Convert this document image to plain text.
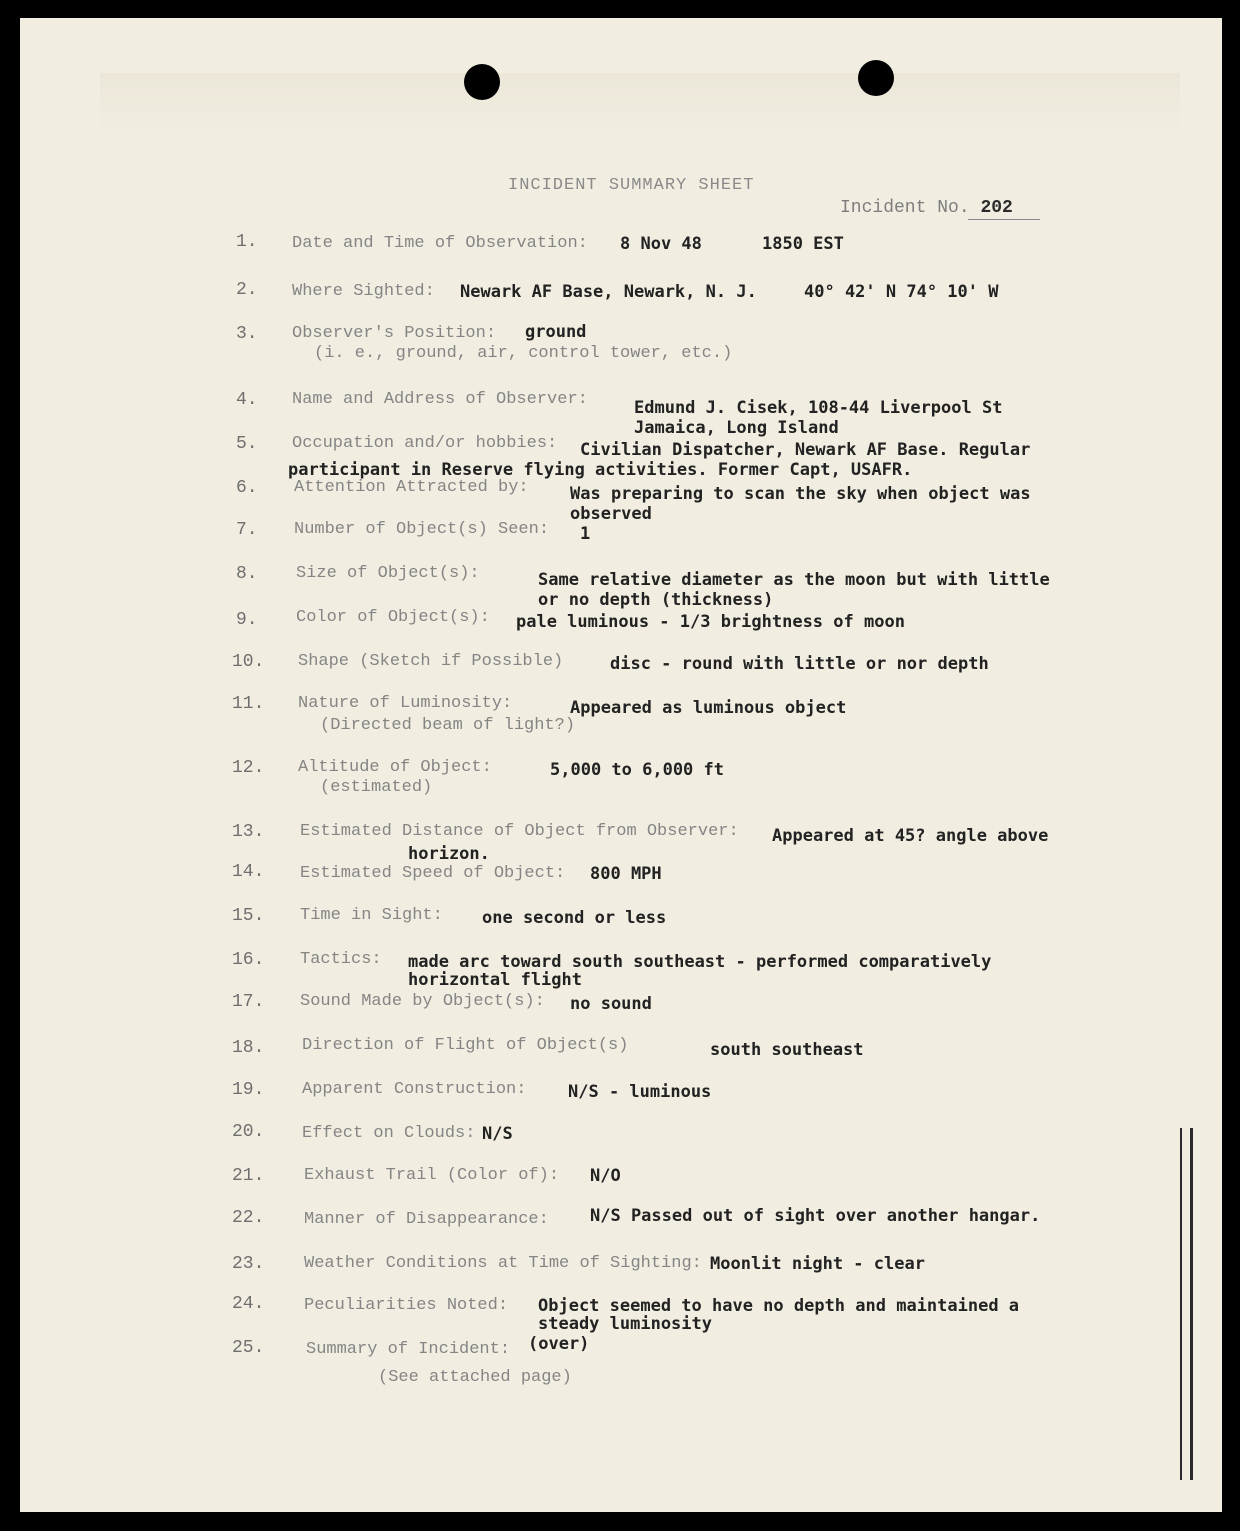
INCIDENT SUMMARY SHEET
Incident No. 202
1. Date and Time of Observation: 8 Nov 48	1850 EST
2. Where Sighted: Newark AF Base, Newark, N. J.	40° 42' N 74° 10' W
3. Observer's Position: ground
(i. e., ground, air, control tower, etc.)
4. Name and Address of Observer:	Edmund J. Cisek, 108-44 Liverpool St
Jamaica, Long Island
5. Occupation and/or hobbies: Civilian Dispatcher, Newark AF Base. Regular
participant in Reserve flying activities. Former Capt, USAFR.
6. Attention Attracted by: Was preparing to scan the sky when object was
observed
7. Number of Object(s) Seen: 1
8. Size of Object(s):	Same relative diameter as the moon but with little
or no depth (thickness)
9. Color of Object(s): pale luminous - 1/3 brightness of moon
10. Shape (Sketch if Possible)	disc - round with little or nor depth
11. Nature of Luminosity:	Appeared as luminous object
(Directed beam of light?)
12. Altitude of Object:	5,000 to 6,000 ft
(estimated)
13. Estimated Distance of Object from Observer: Appeared at 45? angle above
horizon.
14. Estimated Speed of Object: 800 MPH
15. Time in Sight: one second or less
16. Tactics: made arc toward south southeast - performed comparatively
horizontal flight
17. Sound Made by Object(s): no sound
18. Direction of Flight of Object(s)	south southeast
19. Apparent Construction: N/S - luminous
20. Effect on Clouds: N/S
21. Exhaust Trail (Color of): N/O
22. Manner of Disappearance: N/S Passed out of sight over another hangar.
23. Weather Conditions at Time of Sighting: Moonlit night - clear
24. Peculiarities Noted: Object seemed to have no depth and maintained a
steady luminosity
25. Summary of Incident: (over)
(See attached page)
